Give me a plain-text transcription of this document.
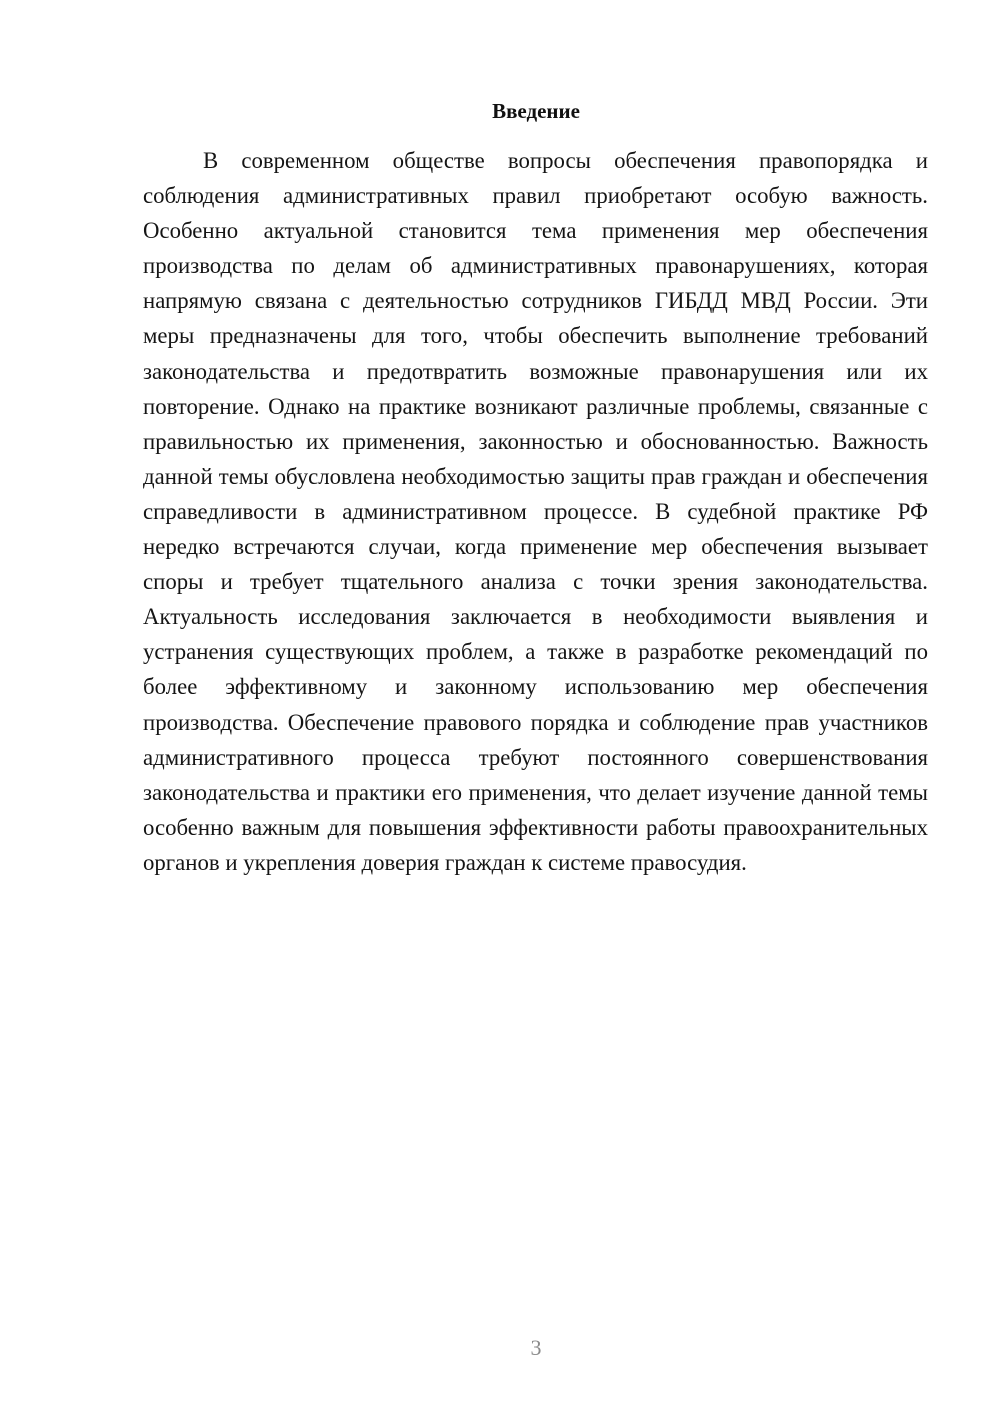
Введение

В современном обществе вопросы обеспечения правопорядка и соблюдения административных правил приобретают особую важность. Особенно актуальной становится тема применения мер обеспечения производства по делам об административных правонарушениях, которая напрямую связана с деятельностью сотрудников ГИБДД МВД России. Эти меры предназначены для того, чтобы обеспечить выполнение требований законодательства и предотвратить возможные правонарушения или их повторение. Однако на практике возникают различные проблемы, связанные с правильностью их применения, законностью и обоснованностью. Важность данной темы обусловлена необходимостью защиты прав граждан и обеспечения справедливости в административном процессе. В судебной практике РФ нередко встречаются случаи, когда применение мер обеспечения вызывает споры и требует тщательного анализа с точки зрения законодательства. Актуальность исследования заключается в необходимости выявления и устранения существующих проблем, а также в разработке рекомендаций по более эффективному и законному использованию мер обеспечения производства. Обеспечение правового порядка и соблюдение прав участников административного процесса требуют постоянного совершенствования законодательства и практики его применения, что делает изучение данной темы особенно важным для повышения эффективности работы правоохранительных органов и укрепления доверия граждан к системе правосудия.

3
